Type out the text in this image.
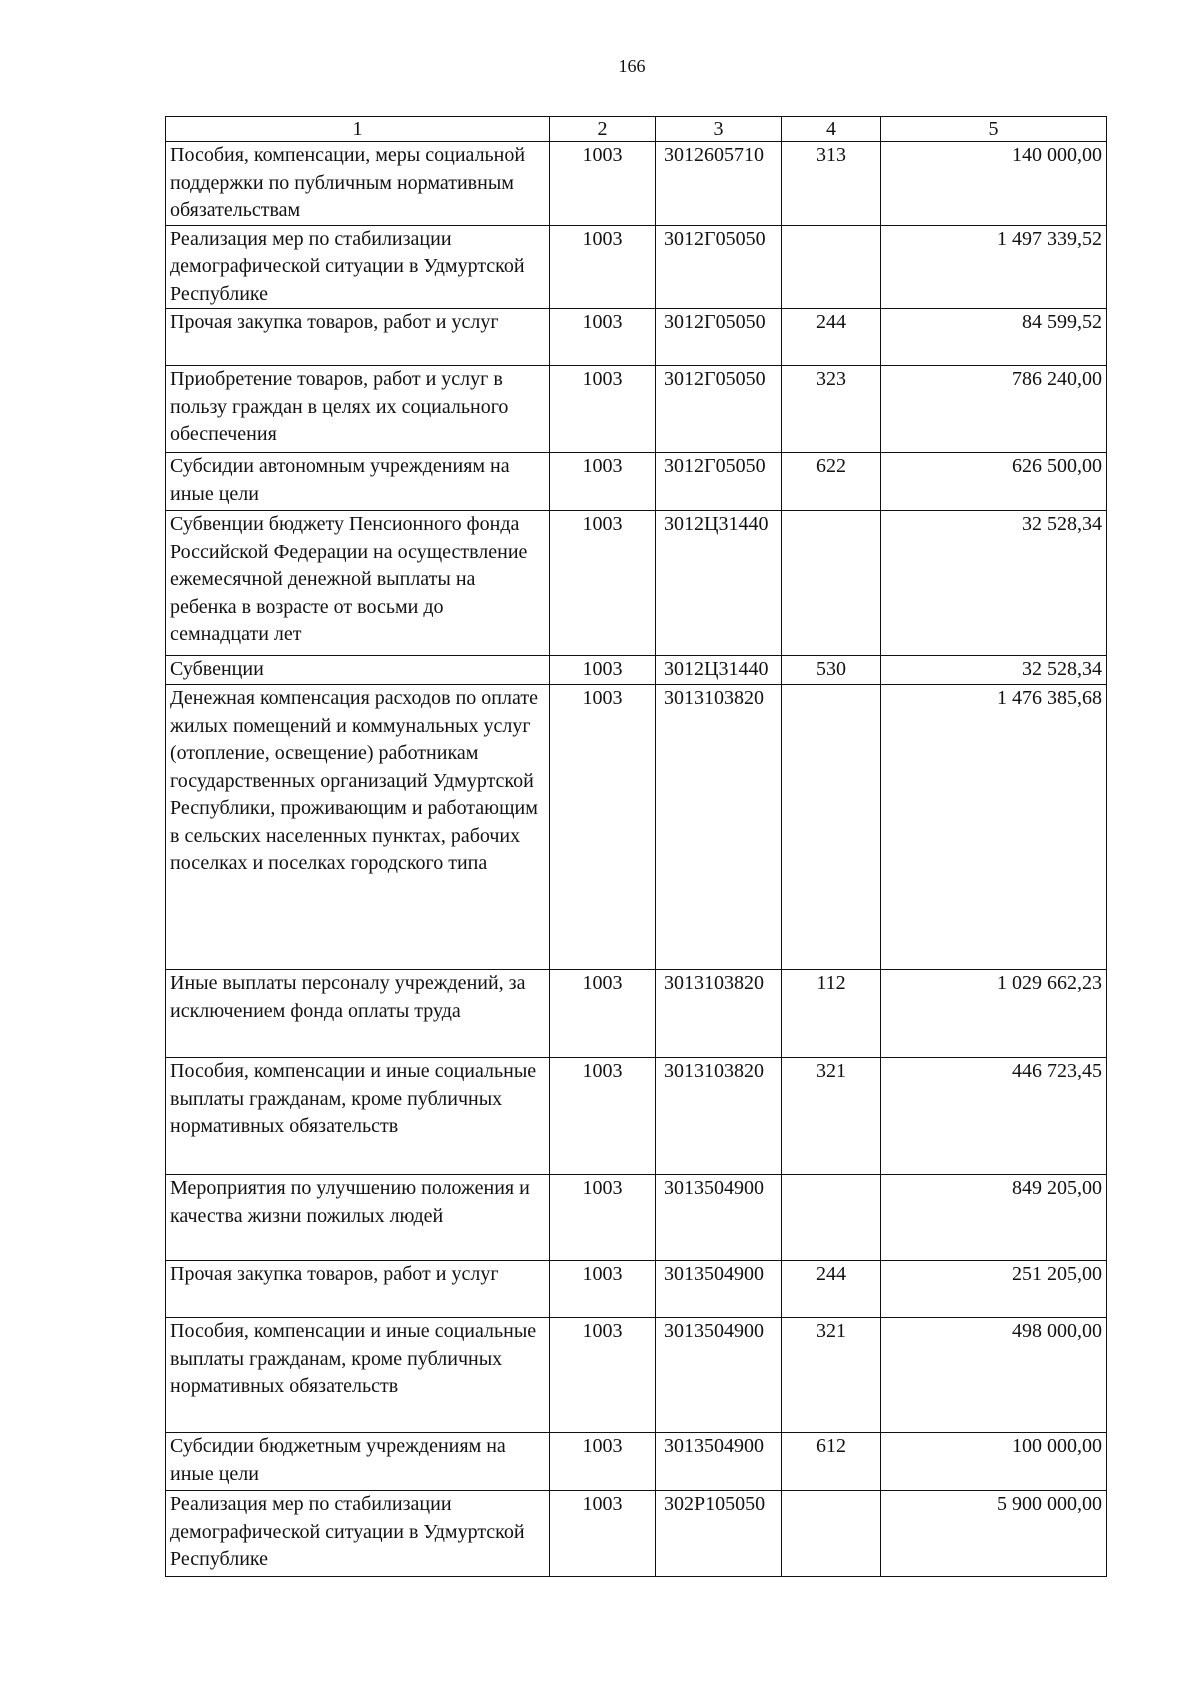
166
1	2	3	4	5
Пособия, компенсации, меры социальной поддержки по публичным нормативным обязательствам	1003	3012605710	313	140 000,00
Реализация мер по стабилизации демографической ситуации в Удмуртской Республике	1003	3012Г05050		1 497 339,52
Прочая закупка товаров, работ и услуг	1003	3012Г05050	244	84 599,52
Приобретение товаров, работ и услуг в пользу граждан в целях их социального обеспечения	1003	3012Г05050	323	786 240,00
Субсидии автономным учреждениям на иные цели	1003	3012Г05050	622	626 500,00
Субвенции бюджету Пенсионного фонда Российской Федерации на осуществление ежемесячной денежной выплаты на ребенка в возрасте от восьми до семнадцати лет	1003	3012Ц31440		32 528,34
Субвенции	1003	3012Ц31440	530	32 528,34
Денежная компенсация расходов по оплате жилых помещений и коммунальных услуг (отопление, освещение) работникам государственных организаций Удмуртской Республики, проживающим и работающим в сельских населенных пунктах, рабочих поселках и поселках городского типа	1003	3013103820		1 476 385,68
Иные выплаты персоналу учреждений, за исключением фонда оплаты труда	1003	3013103820	112	1 029 662,23
Пособия, компенсации и иные социальные выплаты гражданам, кроме публичных нормативных обязательств	1003	3013103820	321	446 723,45
Мероприятия по улучшению положения и качества жизни пожилых людей	1003	3013504900		849 205,00
Прочая закупка товаров, работ и услуг	1003	3013504900	244	251 205,00
Пособия, компенсации и иные социальные выплаты гражданам, кроме публичных нормативных обязательств	1003	3013504900	321	498 000,00
Субсидии бюджетным учреждениям на иные цели	1003	3013504900	612	100 000,00
Реализация мер по стабилизации демографической ситуации в Удмуртской Республике	1003	302Р105050		5 900 000,00
